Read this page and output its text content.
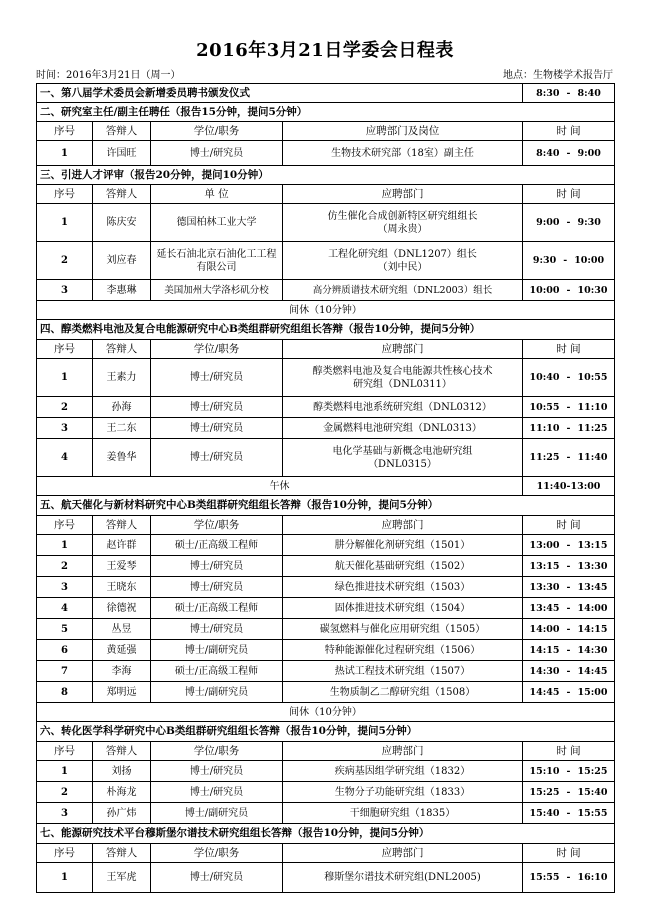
2016年3月21日学委会日程表
时间：2016年3月21日（周一）	地点：生物楼学术报告厅
一、第八届学术委员会新增委员聘书颁发仪式				8:30 - 8:40
二、研究室主任/副主任聘任（报告15分钟，提问5分钟）				
序号	答辩人	学位/职务	应聘部门及岗位	时 间
1	许国旺	博士/研究员	生物技术研究部（18室）副主任	8:40 - 9:00
三、引进人才评审（报告20分钟，提问10分钟）				
序号	答辩人	单 位	应聘部门	时 间
1	陈庆安	德国柏林工业大学	仿生催化合成创新特区研究组组长
（周永贵）	9:00 - 9:30
2	刘应春	延长石油北京石油化工工程有限公司	工程化研究组（DNL1207）组长
（刘中民）	9:30 - 10:00
3	李惠琳	美国加州大学洛杉矶分校	高分辨质谱技术研究组（DNL2003）组长	10:00 - 10:30
间休（10分钟）				
四、醇类燃料电池及复合电能源研究中心B类组群研究组组长答辩（报告10分钟，提问5分钟）				
序号	答辩人	学位/职务	应聘部门	时 间
1	王素力	博士/研究员	醇类燃料电池及复合电能源共性核心技术
研究组（DNL0311）	10:40 - 10:55
2	孙海	博士/研究员	醇类燃料电池系统研究组（DNL0312）	10:55 - 11:10
3	王二东	博士/研究员	金属燃料电池研究组（DNL0313）	11:10 - 11:25
4	姜鲁华	博士/研究员	电化学基础与新概念电池研究组
（DNL0315）	11:25 - 11:40
午休				11:40-13:00
五、航天催化与新材料研究中心B类组群研究组组长答辩（报告10分钟，提问5分钟）				
序号	答辩人	学位/职务	应聘部门	时 间
1	赵许群	硕士/正高级工程师	肼分解催化剂研究组（1501）	13:00 - 13:15
2	王爱琴	博士/研究员	航天催化基础研究组（1502）	13:15 - 13:30
3	王晓东	博士/研究员	绿色推进技术研究组（1503）	13:30 - 13:45
4	徐德祝	硕士/正高级工程师	固体推进技术研究组（1504）	13:45 - 14:00
5	丛昱	博士/研究员	碳氢燃料与催化应用研究组（1505）	14:00 - 14:15
6	黄延强	博士/副研究员	特种能源催化过程研究组（1506）	14:15 - 14:30
7	李海	硕士/正高级工程师	热试工程技术研究组（1507）	14:30 - 14:45
8	郑明远	博士/副研究员	生物质制乙二醇研究组（1508）	14:45 - 15:00
间休（10分钟）				
六、转化医学科学研究中心B类组群研究组组长答辩（报告10分钟，提问5分钟）				
序号	答辩人	学位/职务	应聘部门	时 间
1	刘扬	博士/研究员	疾病基因组学研究组（1832）	15:10 - 15:25
2	朴海龙	博士/研究员	生物分子功能研究组（1833）	15:25 - 15:40
3	孙广炜	博士/副研究员	干细胞研究组（1835）	15:40 - 15:55
七、能源研究技术平台穆斯堡尔谱技术研究组组长答辩（报告10分钟，提问5分钟）				
序号	答辩人	学位/职务	应聘部门	时 间
1	王军虎	博士/研究员	穆斯堡尔谱技术研究组(DNL2005)	15:55 - 16:10
